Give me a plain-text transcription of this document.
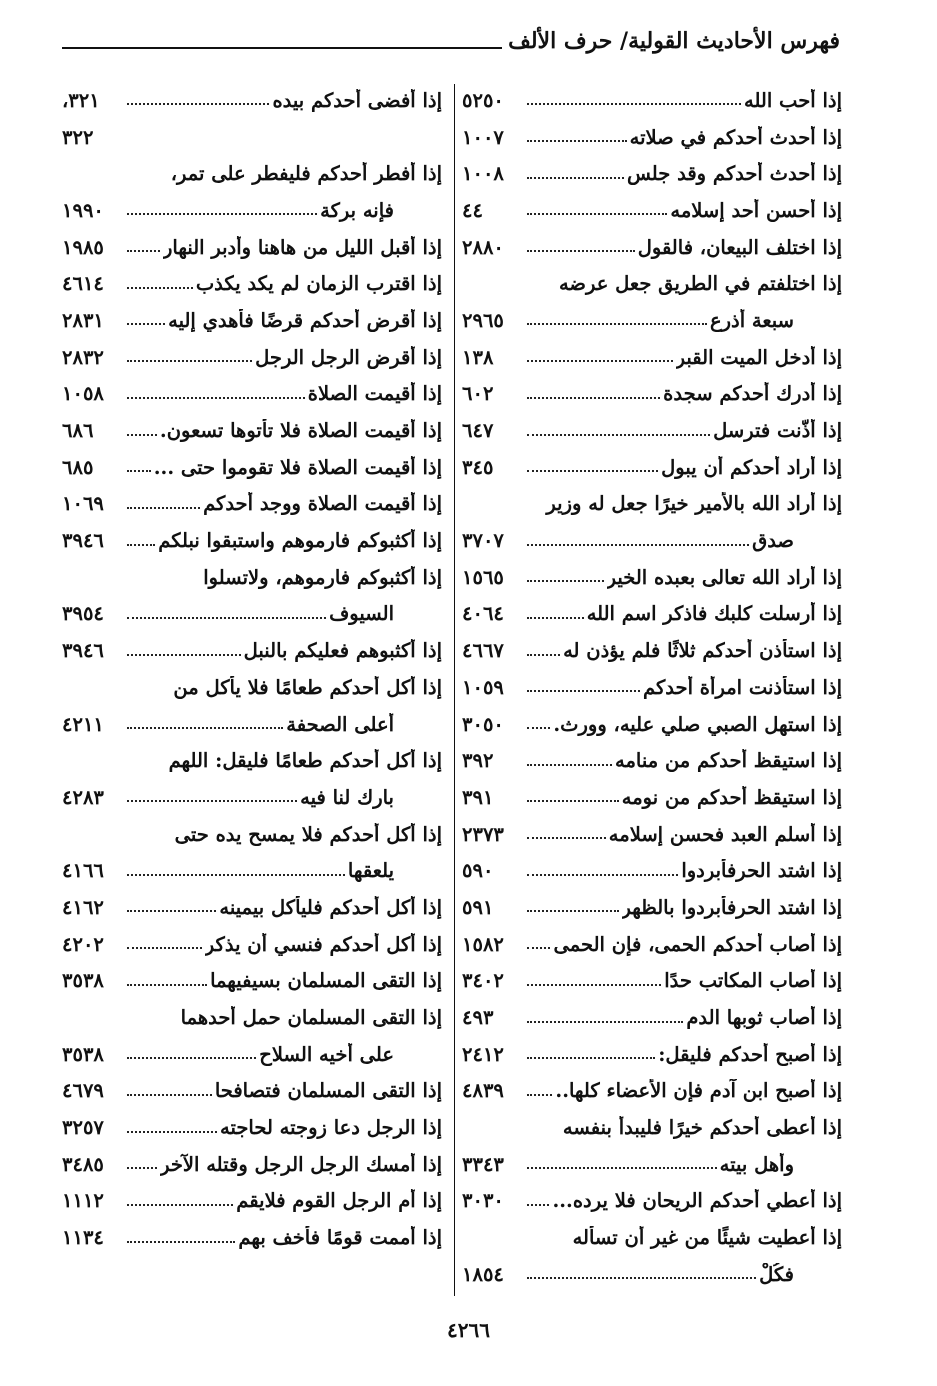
فهرس الأحاديث القولية/ حرف الألف
إذا أحب الله
٥٢٥٠
إذا أحدث أحدكم في صلاته
١٠٠٧
إذا أحدث أحدكم وقد جلس
١٠٠٨
إذا أحسن أحد إسلامه
٤٤
إذا اختلف البيعان، فالقول
٢٨٨٠
إذا اختلفتم في الطريق جعل عرضه
سبعة أذرع
٢٩٦٥
إذا أدخل الميت القبر
١٣٨
إذا أدرك أحدكم سجدة
٦٠٢
إذا أذّنت فترسل
٦٤٧
إذا أراد أحدكم أن يبول
٣٤٥
إذا أراد الله بالأمير خيرًا جعل له وزير
صدق
٣٧٠٧
إذا أراد الله تعالى بعبده الخير
١٥٦٥
إذا أرسلت كلبك فاذكر اسم الله
٤٠٦٤
إذا استأذن أحدكم ثلاثًا فلم يؤذن له
٤٦٦٧
إذا استأذنت امرأة أحدكم
١٠٥٩
إذا استهل الصبي صلي عليه، وورث.
٣٠٥٠
إذا استيقظ أحدكم من منامه
٣٩٢
إذا استيقظ أحدكم من نومه
٣٩١
إذا أسلم العبد فحسن إسلامه
٢٣٧٣
إذا اشتد الحرفأبردوا
٥٩٠
إذا اشتد الحرفأبردوا بالظهر
٥٩١
إذا أصاب أحدكم الحمى، فإن الحمى
١٥٨٢
إذا أصاب المكاتب حدًا
٣٤٠٢
إذا أصاب ثوبها الدم
٤٩٣
إذا أصبح أحدكم فليقل:
٢٤١٢
إذا أصبح ابن آدم فإن الأعضاء كلها..
٤٨٣٩
إذا أعطى أحدكم خيرًا فليبدأ بنفسه
وأهل بيته
٣٣٤٣
إذا أعطي أحدكم الريحان فلا يرده...
٣٠٣٠
إذا أعطيت شيئًا من غير أن تسأله
فكُلْ
١٨٥٤
إذا أفضى أحدكم بيده
٣٢١،
٣٢٢
إذا أفطر أحدكم فليفطر على تمر،
فإنه بركة
١٩٩٠
إذا أقبل الليل من هاهنا وأدبر النهار
١٩٨٥
إذا اقترب الزمان لم يكد يكذب
٤٦١٤
إذا أقرض أحدكم قرضًا فأهدي إليه
٢٨٣١
إذا أقرض الرجل الرجل
٢٨٣٢
إذا أقيمت الصلاة
١٠٥٨
إذا أقيمت الصلاة فلا تأتوها تسعون.
٦٨٦
إذا أقيمت الصلاة فلا تقوموا حتى ...
٦٨٥
إذا أقيمت الصلاة ووجد أحدكم
١٠٦٩
إذا أكثبوكم فارموهم واستبقوا نبلكم
٣٩٤٦
إذا أكثبوكم فارموهم، ولاتسلوا
السيوف
٣٩٥٤
إذا أكثبوهم فعليكم بالنبل
٣٩٤٦
إذا أكل أحدكم طعامًا فلا يأكل من
أعلى الصحفة
٤٢١١
إذا أكل أحدكم طعامًا فليقل: اللهم
بارك لنا فيه
٤٢٨٣
إذا أكل أحدكم فلا يمسح يده حتى
يلعقها
٤١٦٦
إذا أكل أحدكم فليأكل بيمينه
٤١٦٢
إذا أكل أحدكم فنسي أن يذكر
٤٢٠٢
إذا التقى المسلمان بسيفيهما
٣٥٣٨
إذا التقى المسلمان حمل أحدهما
على أخيه السلاح
٣٥٣٨
إذا التقى المسلمان فتصافحا
٤٦٧٩
إذا الرجل دعا زوجته لحاجته
٣٢٥٧
إذا أمسك الرجل الرجل وقتله الآخر
٣٤٨٥
إذا أم الرجل القوم فلايقم
١١١٢
إذا أممت قومًا فأخف بهم
١١٣٤
٤٢٦٦
